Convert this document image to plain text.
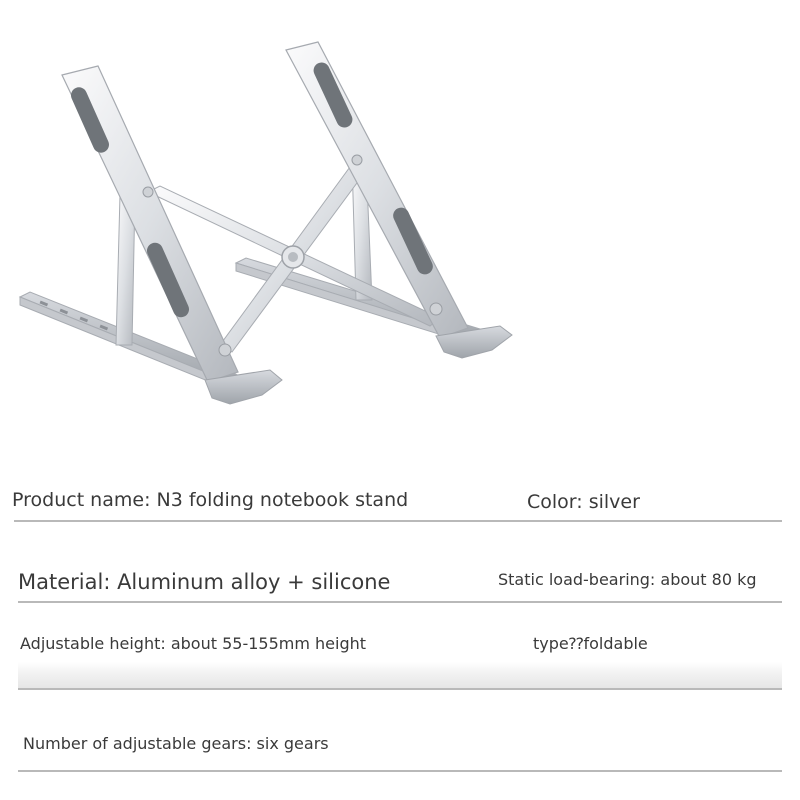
Product name: N3 folding notebook stand	Color: silver
Material: Aluminum alloy + silicone	Static load-bearing: about 80 kg
Adjustable height: about 55-155mm height	type⁇foldable
Number of adjustable gears: six gears
